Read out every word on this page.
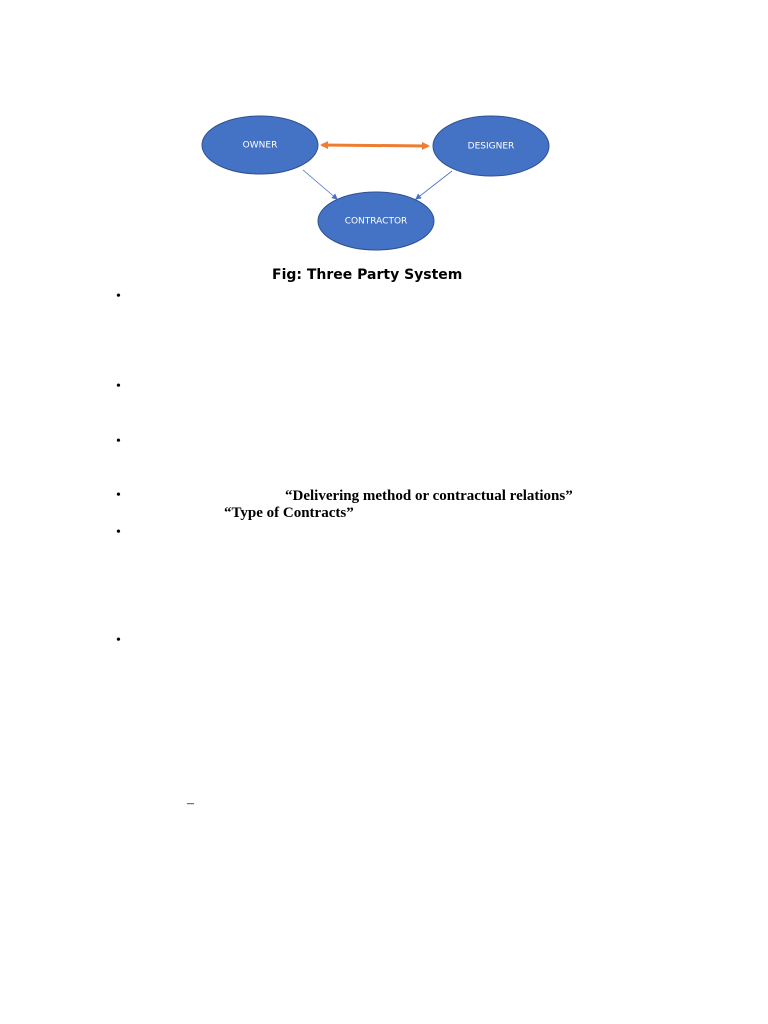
OWNER	DESIGNER
CONTRACTOR
Fig: Three Party System
•
•
•
•
•
•
“Delivering method or contractual relations”
“Type of Contracts”
–
